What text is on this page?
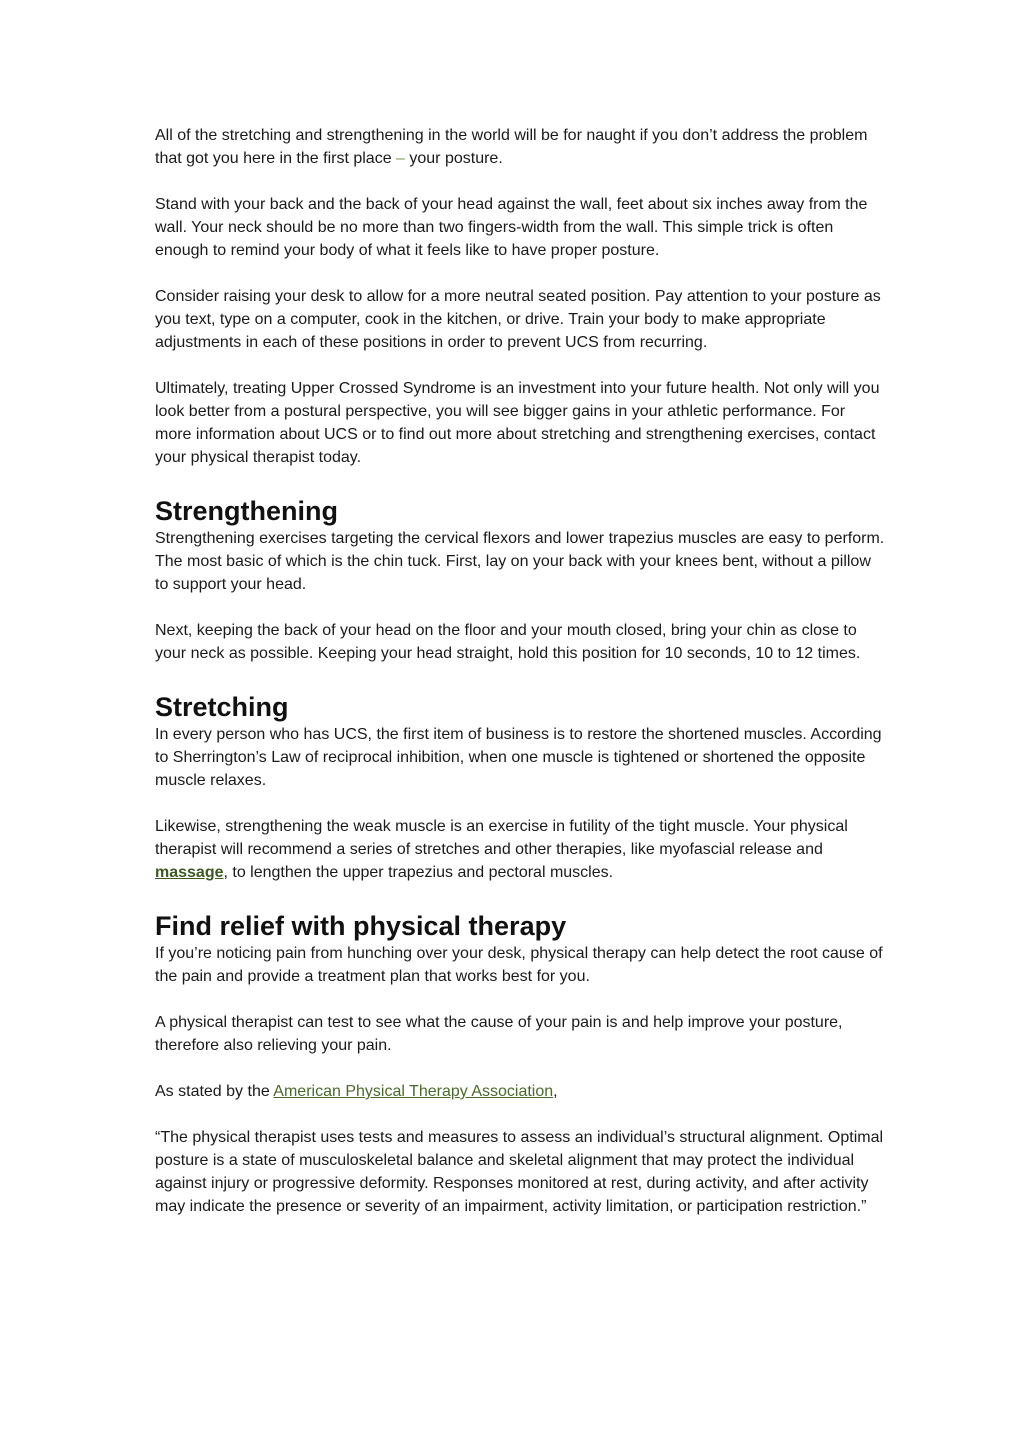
All of the stretching and strengthening in the world will be for naught if you don’t address the problem that got you here in the first place – your posture.

Stand with your back and the back of your head against the wall, feet about six inches away from the wall. Your neck should be no more than two fingers-width from the wall. This simple trick is often enough to remind your body of what it feels like to have proper posture.

Consider raising your desk to allow for a more neutral seated position. Pay attention to your posture as you text, type on a computer, cook in the kitchen, or drive. Train your body to make appropriate adjustments in each of these positions in order to prevent UCS from recurring.

Ultimately, treating Upper Crossed Syndrome is an investment into your future health. Not only will you look better from a postural perspective, you will see bigger gains in your athletic performance. For more information about UCS or to find out more about stretching and strengthening exercises, contact your physical therapist today.

Strengthening

Strengthening exercises targeting the cervical flexors and lower trapezius muscles are easy to perform. The most basic of which is the chin tuck. First, lay on your back with your knees bent, without a pillow to support your head.

Next, keeping the back of your head on the floor and your mouth closed, bring your chin as close to your neck as possible. Keeping your head straight, hold this position for 10 seconds, 10 to 12 times.

Stretching

In every person who has UCS, the first item of business is to restore the shortened muscles. According to Sherrington’s Law of reciprocal inhibition, when one muscle is tightened or shortened the opposite muscle relaxes.

Likewise, strengthening the weak muscle is an exercise in futility of the tight muscle. Your physical therapist will recommend a series of stretches and other therapies, like myofascial release and massage, to lengthen the upper trapezius and pectoral muscles.

Find relief with physical therapy

If you’re noticing pain from hunching over your desk, physical therapy can help detect the root cause of the pain and provide a treatment plan that works best for you.

A physical therapist can test to see what the cause of your pain is and help improve your posture, therefore also relieving your pain.

As stated by the American Physical Therapy Association,

“The physical therapist uses tests and measures to assess an individual’s structural alignment. Optimal posture is a state of musculoskeletal balance and skeletal alignment that may protect the individual against injury or progressive deformity. Responses monitored at rest, during activity, and after activity may indicate the presence or severity of an impairment, activity limitation, or participation restriction.”
